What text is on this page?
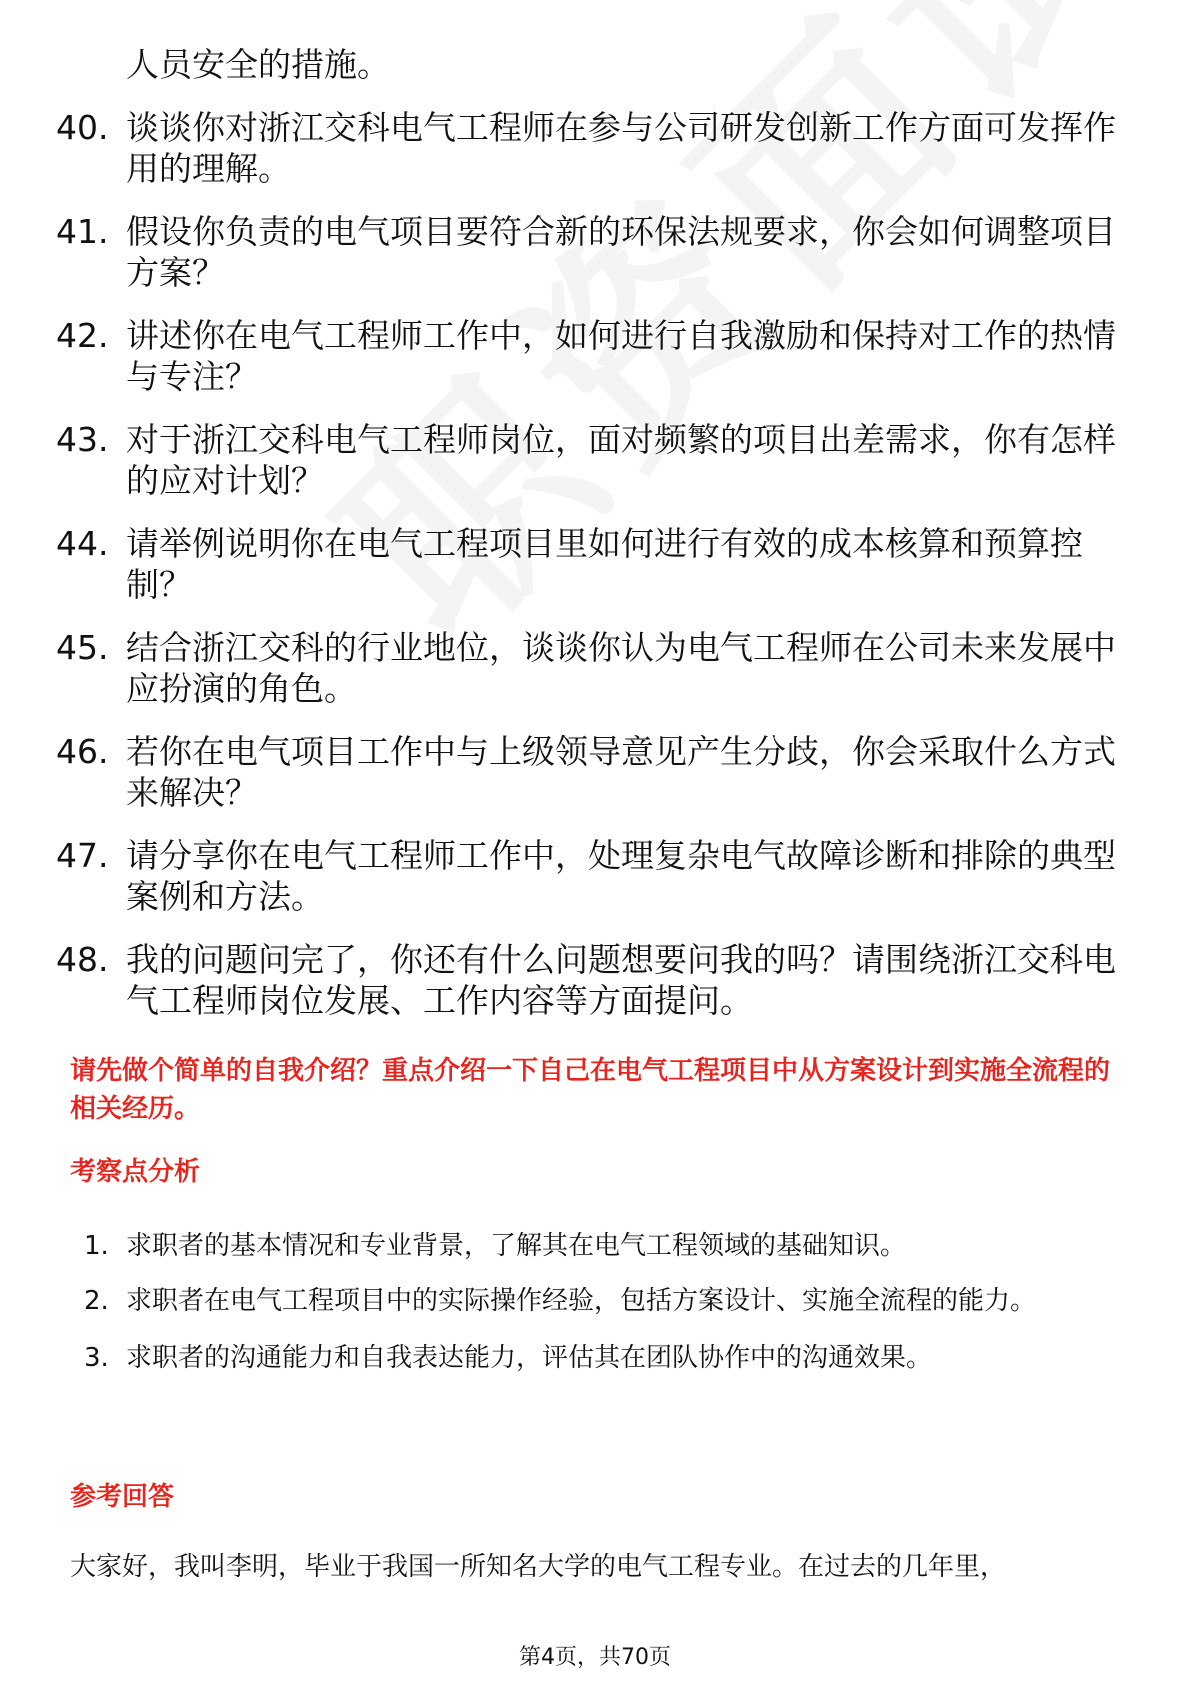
人员安全的措施。
40. 谈谈你对浙江交科电气工程师在参与公司研发创新工作方面可发挥作用的理解。
41. 假设你负责的电气项目要符合新的环保法规要求，你会如何调整项目方案？
42. 讲述你在电气工程师工作中，如何进行自我激励和保持对工作的热情与专注？
43. 对于浙江交科电气工程师岗位，面对频繁的项目出差需求，你有怎样的应对计划？
44. 请举例说明你在电气工程项目里如何进行有效的成本核算和预算控制？
45. 结合浙江交科的行业地位，谈谈你认为电气工程师在公司未来发展中应扮演的角色。
46. 若你在电气项目工作中与上级领导意见产生分歧，你会采取什么方式来解决？
47. 请分享你在电气工程师工作中，处理复杂电气故障诊断和排除的典型案例和方法。
48. 我的问题问完了，你还有什么问题想要问我的吗？请围绕浙江交科电气工程师岗位发展、工作内容等方面提问。
请先做个简单的自我介绍？重点介绍一下自己在电气工程项目中从方案设计到实施全流程的相关经历。
考察点分析
1. 求职者的基本情况和专业背景，了解其在电气工程领域的基础知识。
2. 求职者在电气工程项目中的实际操作经验，包括方案设计、实施全流程的能力。
3. 求职者的沟通能力和自我表达能力，评估其在团队协作中的沟通效果。
参考回答
大家好，我叫李明，毕业于我国一所知名大学的电气工程专业。在过去的几年里，
第4页，共70页
